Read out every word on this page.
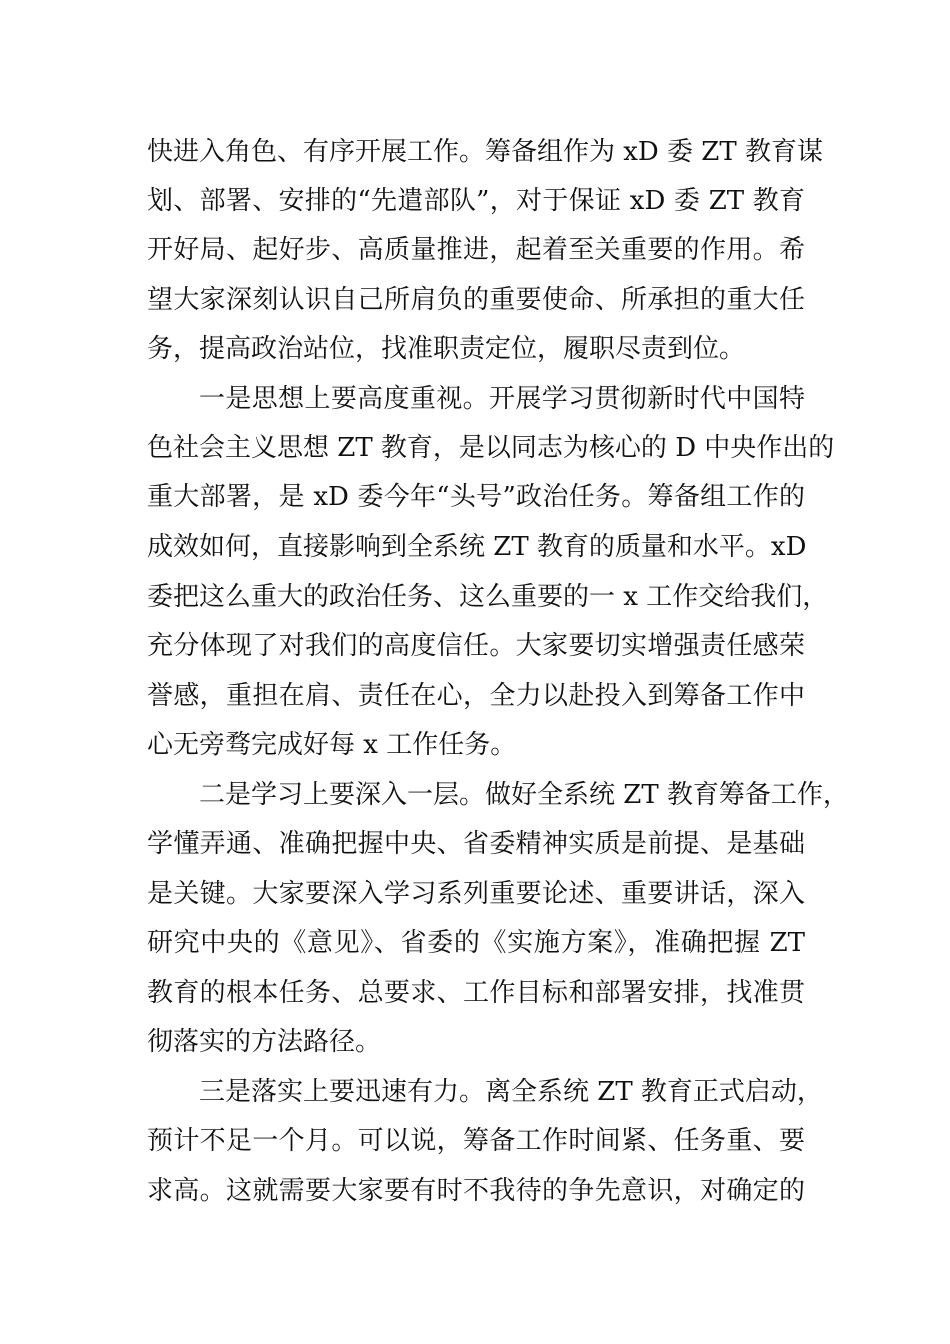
快进入角色、有序开展工作。筹备组作为 xD 委 ZT 教育谋

划、部署、安排的“先遣部队”，对于保证 xD 委 ZT 教育

开好局、起好步、高质量推进，起着至关重要的作用。希

望大家深刻认识自己所肩负的重要使命、所承担的重大任

务，提高政治站位，找准职责定位，履职尽责到位。

一是思想上要高度重视。开展学习贯彻新时代中国特

色社会主义思想 ZT 教育，是以同志为核心的 D 中央作出的

重大部署，是 xD 委今年“头号”政治任务。筹备组工作的

成效如何，直接影响到全系统 ZT 教育的质量和水平。xD

委把这么重大的政治任务、这么重要的一 x 工作交给我们，

充分体现了对我们的高度信任。大家要切实增强责任感荣

誉感，重担在肩、责任在心，全力以赴投入到筹备工作中

心无旁骛完成好每 x 工作任务。

二是学习上要深入一层。做好全系统 ZT 教育筹备工作，

学懂弄通、准确把握中央、省委精神实质是前提、是基础

是关键。大家要深入学习系列重要论述、重要讲话，深入

研究中央的《意见》、省委的《实施方案》，准确把握 ZT

教育的根本任务、总要求、工作目标和部署安排，找准贯

彻落实的方法路径。

三是落实上要迅速有力。离全系统 ZT 教育正式启动，

预计不足一个月。可以说，筹备工作时间紧、任务重、要

求高。这就需要大家要有时不我待的争先意识，对确定的
